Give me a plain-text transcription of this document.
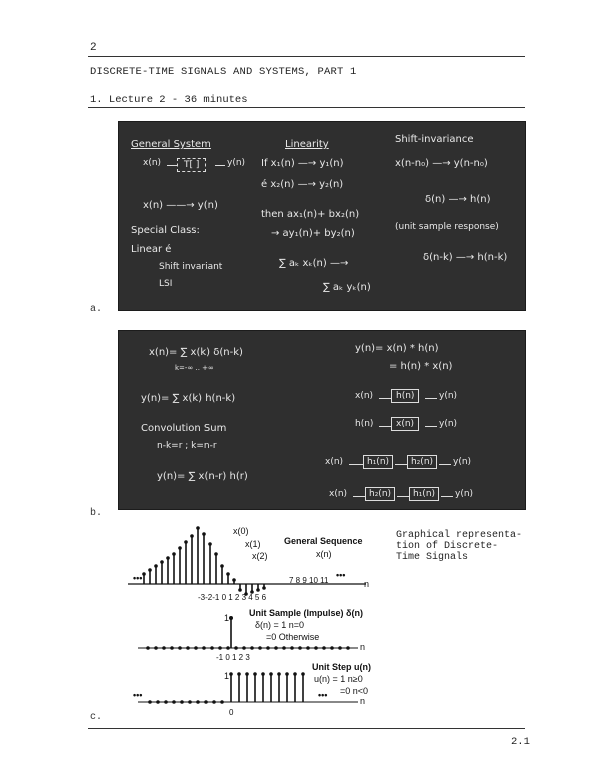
2
DISCRETE-TIME SIGNALS AND SYSTEMS, PART 1
1. Lecture 2 - 36 minutes
General System
x(n)	T[ ]	y(n)
x(n) ——→ y(n)
Special Class:
Linear é
Shift invariant
LSI
Linearity
If x₁(n) —→ y₁(n)
é x₂(n) —→ y₂(n)
then ax₁(n)+ bx₂(n)
→ ay₁(n)+ by₂(n)
∑ aₖ xₖ(n) —→
∑ aₖ yₖ(n)
Shift-invariance
x(n-n₀) —→ y(n-n₀)
δ(n) —→ h(n)
(unit sample response)
δ(n-k) —→ h(n-k)
a.
x(n)= ∑ x(k) δ(n-k)
k=-∞ .. +∞
y(n)= ∑ x(k) h(n-k)
Convolution Sum
n-k=r ; k=n-r
y(n)= ∑ x(n-r) h(r)
y(n)= x(n) * h(n)
= h(n) * x(n)
x(n)	h(n)	y(n)
h(n)	x(n)	y(n)
x(n)	h₁(n)	h₂(n)	y(n)
x(n)	h₂(n)	h₁(n)	y(n)
b.
x(0)
x(1)
x(2)
General Sequence
x(n)
•••	•••
n
7 8 9 10 11
-3-2-1 0 1 2 3 4 5 6
Unit Sample (Impulse) δ(n)
δ(n) = 1 n=0
=0 Otherwise
1
-1 0 1 2 3
n
Unit Step u(n)
u(n) = 1 n≥0
=0 n<0
1
0
•••	•••
n
Graphical representa-
tion of Discrete-
Time Signals
c.
2.1
